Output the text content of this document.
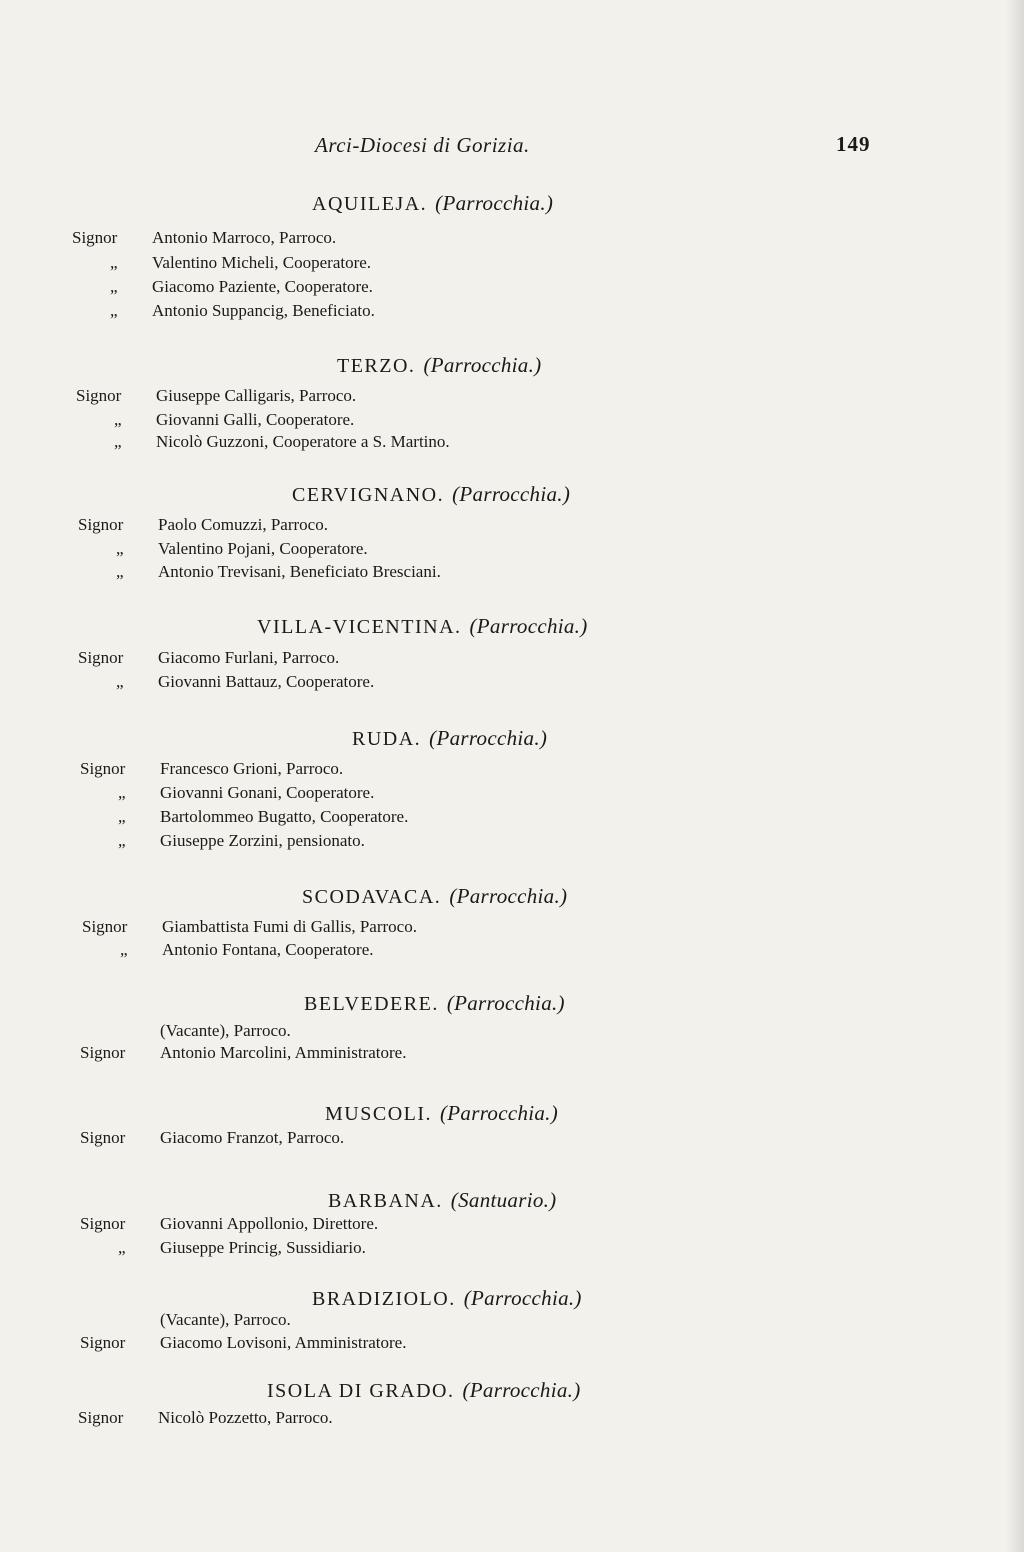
Arci-Diocesi di Gorizia.	149
AQUILEJA. (Parrocchia.)
Signor	Antonio Marroco, Parroco.
„	Valentino Micheli, Cooperatore.
„	Giacomo Paziente, Cooperatore.
„	Antonio Suppancig, Beneficiato.
TERZO. (Parrocchia.)
Signor	Giuseppe Calligaris, Parroco.
„	Giovanni Galli, Cooperatore.
„	Nicolò Guzzoni, Cooperatore a S. Martino.
CERVIGNANO. (Parrocchia.)
Signor	Paolo Comuzzi, Parroco.
„	Valentino Pojani, Cooperatore.
„	Antonio Trevisani, Beneficiato Bresciani.
VILLA-VICENTINA. (Parrocchia.)
Signor	Giacomo Furlani, Parroco.
„	Giovanni Battauz, Cooperatore.
RUDA. (Parrocchia.)
Signor	Francesco Grioni, Parroco.
„	Giovanni Gonani, Cooperatore.
„	Bartolommeo Bugatto, Cooperatore.
„	Giuseppe Zorzini, pensionato.
SCODAVACA. (Parrocchia.)
Signor	Giambattista Fumi di Gallis, Parroco.
„	Antonio Fontana, Cooperatore.
BELVEDERE. (Parrocchia.)
(Vacante), Parroco.
Signor	Antonio Marcolini, Amministratore.
MUSCOLI. (Parrocchia.)
Signor	Giacomo Franzot, Parroco.
BARBANA. (Santuario.)
Signor	Giovanni Appollonio, Direttore.
„	Giuseppe Princig, Sussidiario.
BRADIZIOLO. (Parrocchia.)
(Vacante), Parroco.
Signor	Giacomo Lovisoni, Amministratore.
ISOLA DI GRADO. (Parrocchia.)
Signor	Nicolò Pozzetto, Parroco.
